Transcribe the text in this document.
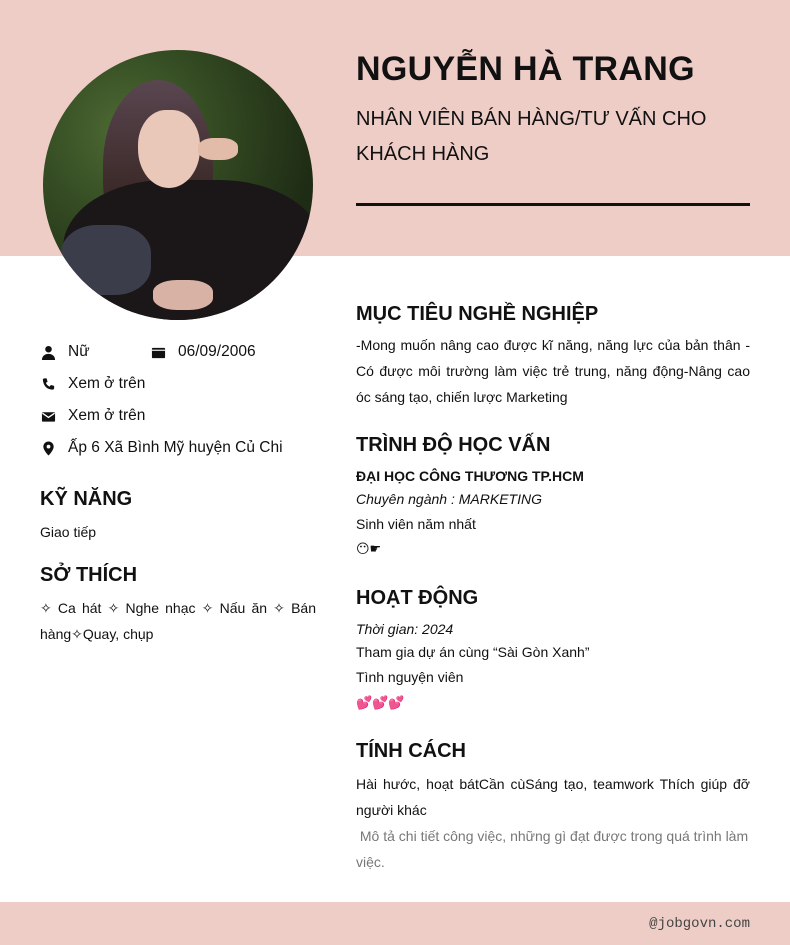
NGUYỄN HÀ TRANG
NHÂN VIÊN BÁN HÀNG/TƯ VẤN CHO KHÁCH HÀNG
Nữ	06/09/2006
Xem ở trên
Xem ở trên
Ấp 6 Xã Bình Mỹ huyện Củ Chi
KỸ NĂNG
Giao tiếp
SỞ THÍCH
✧ Ca hát ✧ Nghe nhạc ✧ Nấu ăn ✧ Bán hàng✧Quay, chụp
MỤC TIÊU NGHỀ NGHIỆP
-Mong muốn nâng cao được kĩ năng, năng lực của bản thân -Có được môi trường làm việc trẻ trung, năng động-Nâng cao óc sáng tạo, chiến lược Marketing
TRÌNH ĐỘ HỌC VẤN
ĐẠI HỌC CÔNG THƯƠNG TP.HCM
Chuyên ngành : MARKETING
Sinh viên năm nhất
😶☛
HOẠT ĐỘNG
Thời gian: 2024
Tham gia dự án cùng “Sài Gòn Xanh”
Tình nguyện viên
💕💕💕
TÍNH CÁCH
Hài hước, hoạt bátCần cùSáng tạo, teamwork Thích giúp đỡ người khác
Mô tả chi tiết công việc, những gì đạt được trong quá trình làm việc.
@jobgovn.com
